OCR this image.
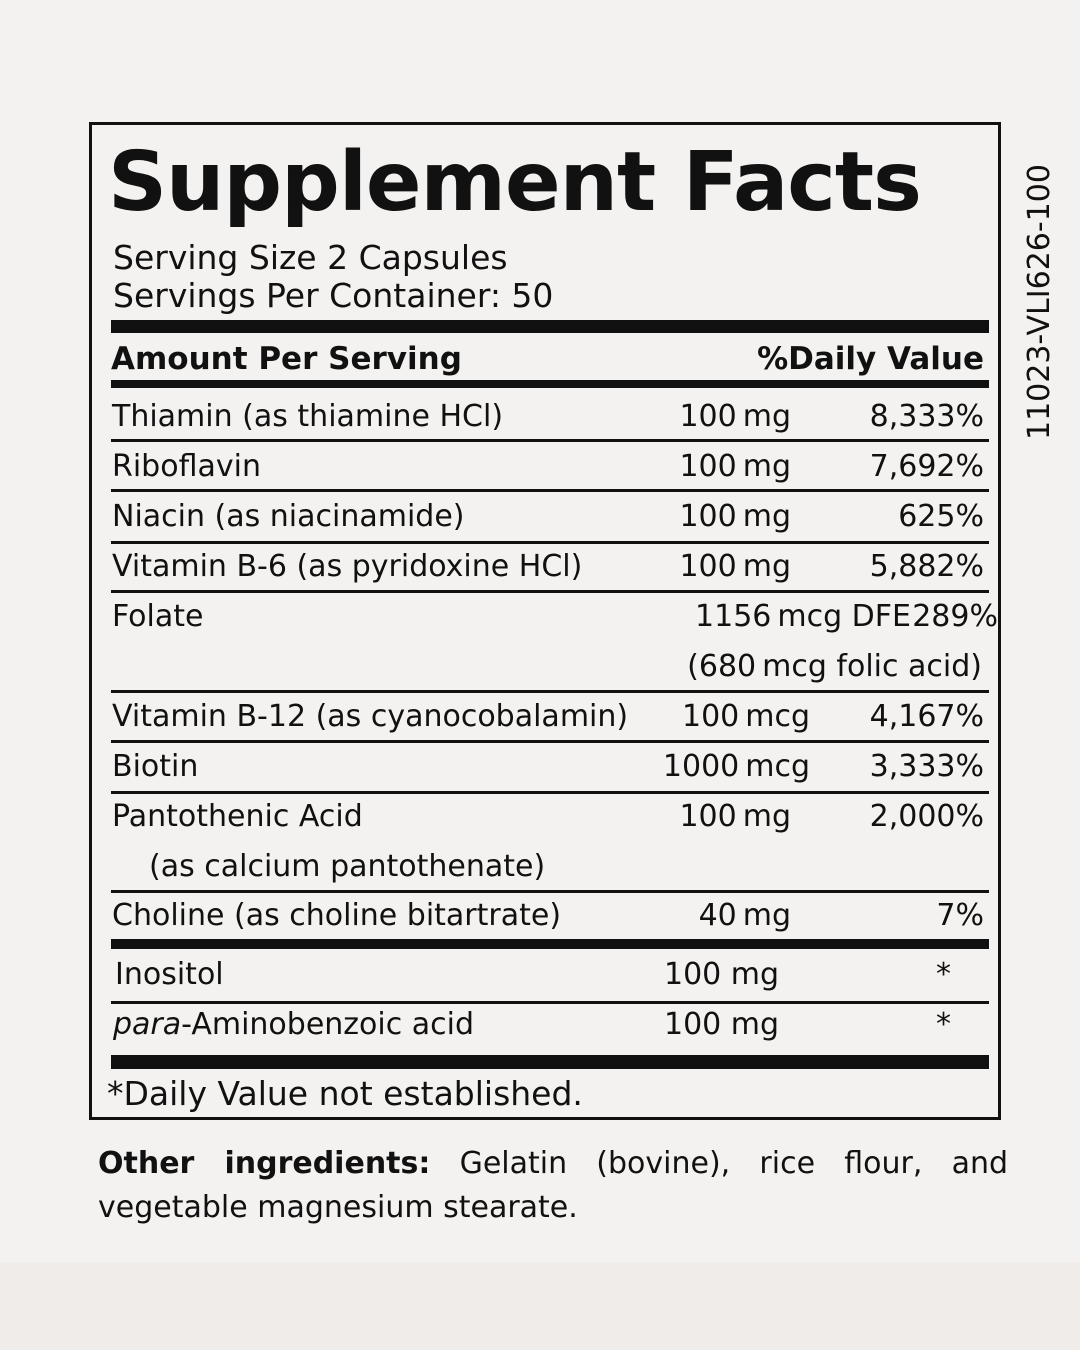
Supplement Facts
Serving Size 2 Capsules
Servings Per Container: 50
Amount Per Serving	%Daily Value
Thiamin (as thiamine HCl)	100 mg	8,333%
Riboflavin	100 mg	7,692%
Niacin (as niacinamide)	100 mg	625%
Vitamin B-6 (as pyridoxine HCl)	100 mg	5,882%
Folate	1156 mcg DFE 289%
(680 mcg folic acid)
Vitamin B-12 (as cyanocobalamin) 100 mcg 4,167%
Biotin	1000 mcg 3,333%
Pantothenic Acid	100 mg	2,000%
(as calcium pantothenate)
Choline (as choline bitartrate)	40 mg	7%
Inositol	100 mg	*
para-Aminobenzoic acid	100 mg	*
*Daily Value not established.
11023-VLI626-100
Other ingredients: Gelatin (bovine), rice flour, and vegetable magnesium stearate.
